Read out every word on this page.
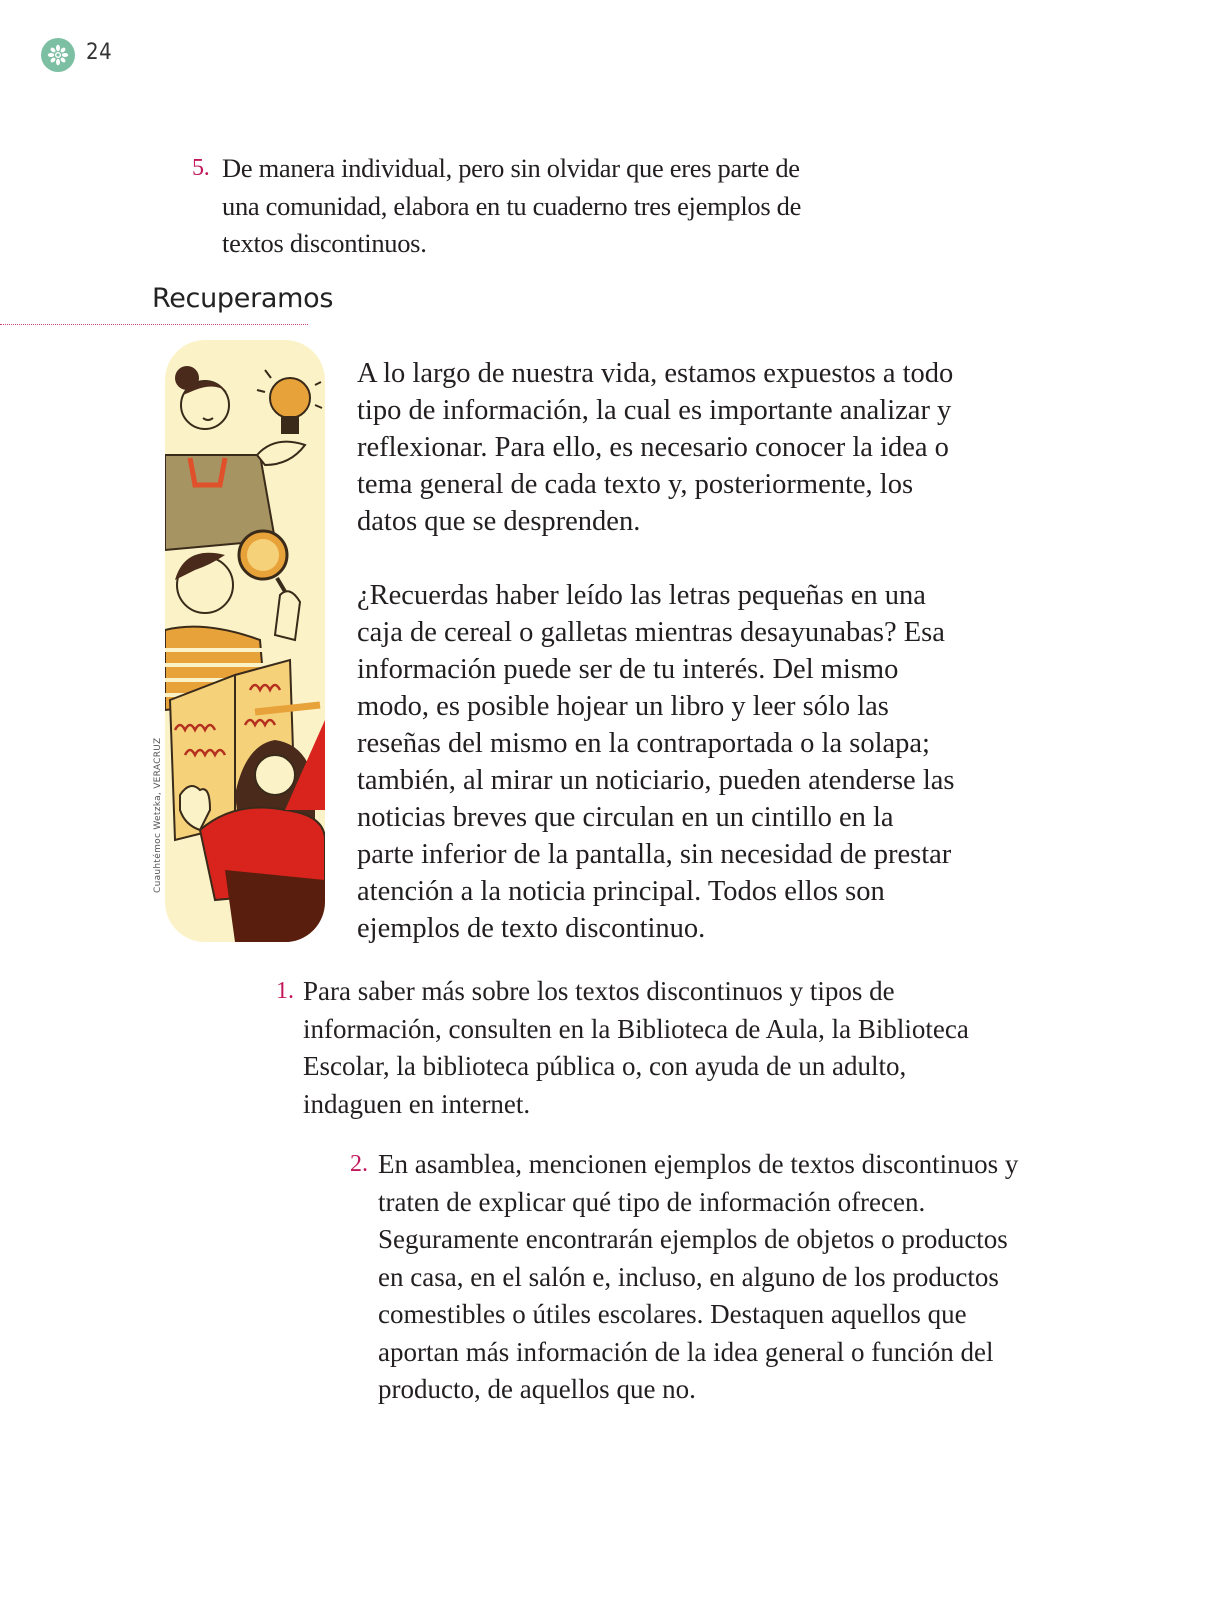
24
5. De manera individual, pero sin olvidar que eres parte de una comunidad, elabora en tu cuaderno tres ejemplos de textos discontinuos.
Recuperamos
Cuauhtémoc Wetzka, VERACRUZ

A lo largo de nuestra vida, estamos expuestos a todo tipo de información, la cual es importante analizar y reflexionar. Para ello, es necesario conocer la idea o tema general de cada texto y, posteriormente, los datos que se desprenden.

¿Recuerdas haber leído las letras pequeñas en una caja de cereal o galletas mientras desayunabas? Esa información puede ser de tu interés. Del mismo modo, es posible hojear un libro y leer sólo las reseñas del mismo en la contraportada o la solapa; también, al mirar un noticiario, pueden atenderse las noticias breves que circulan en un cintillo en la parte inferior de la pantalla, sin necesidad de prestar atención a la noticia principal. Todos ellos son ejemplos de texto discontinuo.

1. Para saber más sobre los textos discontinuos y tipos de información, consulten en la Biblioteca de Aula, la Biblioteca Escolar, la biblioteca pública o, con ayuda de un adulto, indaguen en internet.
2. En asamblea, mencionen ejemplos de textos discontinuos y traten de explicar qué tipo de información ofrecen. Seguramente encontrarán ejemplos de objetos o productos en casa, en el salón e, incluso, en alguno de los productos comestibles o útiles escolares. Destaquen aquellos que aportan más información de la idea general o función del producto, de aquellos que no.
